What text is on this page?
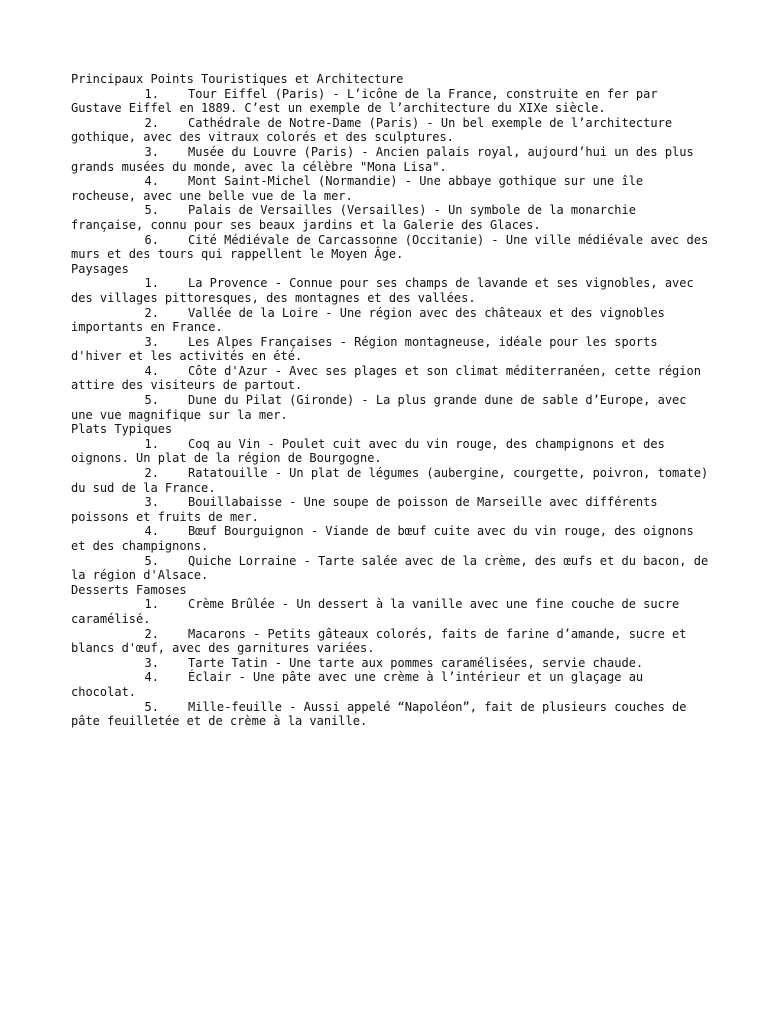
Principaux Points Touristiques et Architecture
1. Tour Eiffel (Paris) - L’icône de la France, construite en fer par Gustave Eiffel en 1889. C’est un exemple de l’architecture du XIXe siècle.
2. Cathédrale de Notre-Dame (Paris) - Un bel exemple de l’architecture gothique, avec des vitraux colorés et des sculptures.
3. Musée du Louvre (Paris) - Ancien palais royal, aujourd’hui un des plus grands musées du monde, avec la célèbre "Mona Lisa".
4. Mont Saint-Michel (Normandie) - Une abbaye gothique sur une île rocheuse, avec une belle vue de la mer.
5. Palais de Versailles (Versailles) - Un symbole de la monarchie française, connu pour ses beaux jardins et la Galerie des Glaces.
6. Cité Médiévale de Carcassonne (Occitanie) - Une ville médiévale avec des murs et des tours qui rappellent le Moyen Âge.
Paysages
1. La Provence - Connue pour ses champs de lavande et ses vignobles, avec des villages pittoresques, des montagnes et des vallées.
2. Vallée de la Loire - Une région avec des châteaux et des vignobles importants en France.
3. Les Alpes Françaises - Région montagneuse, idéale pour les sports d'hiver et les activités en été.
4. Côte d'Azur - Avec ses plages et son climat méditerranéen, cette région attire des visiteurs de partout.
5. Dune du Pilat (Gironde) - La plus grande dune de sable d’Europe, avec une vue magnifique sur la mer.
Plats Typiques
1. Coq au Vin - Poulet cuit avec du vin rouge, des champignons et des oignons. Un plat de la région de Bourgogne.
2. Ratatouille - Un plat de légumes (aubergine, courgette, poivron, tomate) du sud de la France.
3. Bouillabaisse - Une soupe de poisson de Marseille avec différents poissons et fruits de mer.
4. Bœuf Bourguignon - Viande de bœuf cuite avec du vin rouge, des oignons et des champignons.
5. Quiche Lorraine - Tarte salée avec de la crème, des œufs et du bacon, de la région d'Alsace.
Desserts Famoses
1. Crème Brûlée - Un dessert à la vanille avec une fine couche de sucre caramélisé.
2. Macarons - Petits gâteaux colorés, faits de farine d’amande, sucre et blancs d'œuf, avec des garnitures variées.
3. Tarte Tatin - Une tarte aux pommes caramélisées, servie chaude.
4. Éclair - Une pâte avec une crème à l’intérieur et un glaçage au chocolat.
5. Mille-feuille - Aussi appelé “Napoléon”, fait de plusieurs couches de pâte feuilletée et de crème à la vanille.
